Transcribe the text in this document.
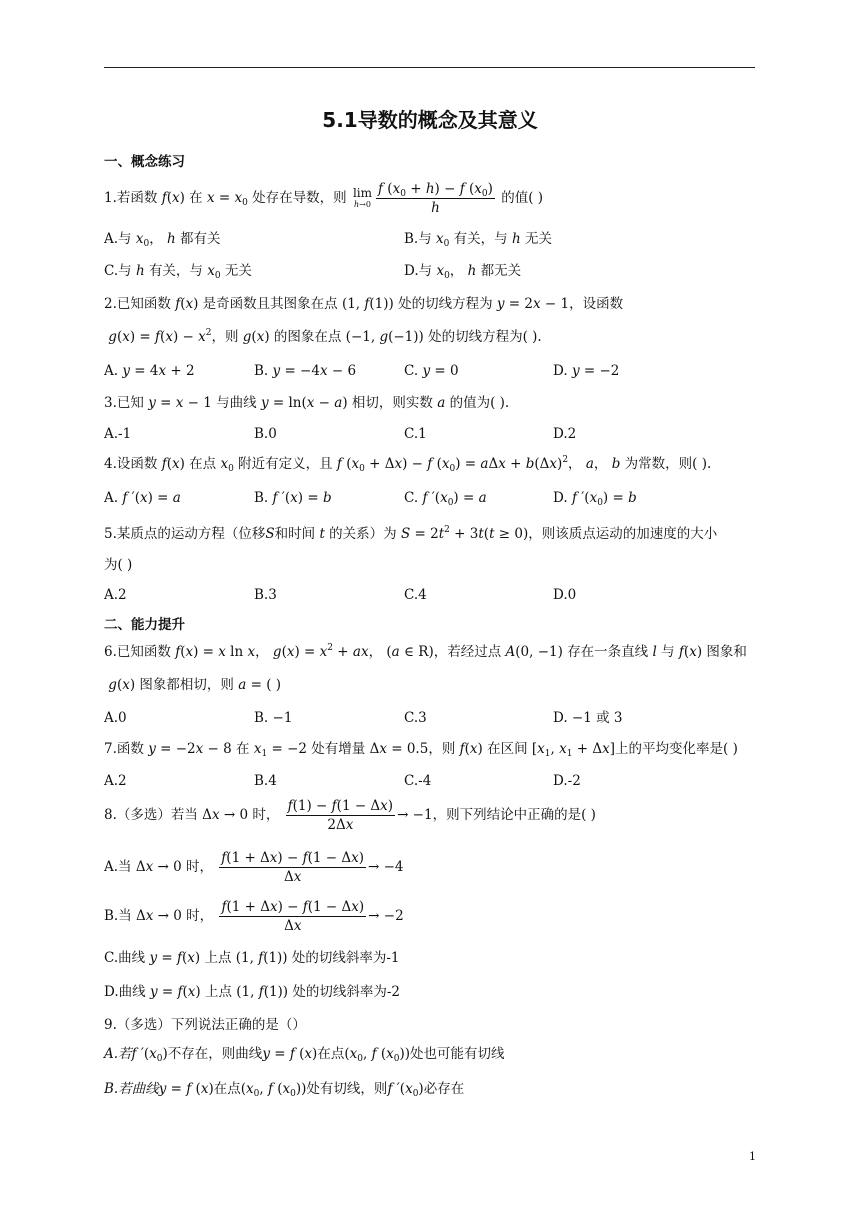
5.1导数的概念及其意义
一、概念练习
1.若函数 f(x) 在 $x = x_0$ 处存在导数，则 lim
$h\to 0 \frac{f (x_0 + h) - f (x_0)}{h}$ 的值( )
A.与 $x_0$， h 都有关	B.与 $x_0$ 有关，与 h 无关
C.与 h 有关，与 $x_0$ 无关	D.与 $x_0$， h 都无关
2.已知函数 f(x) 是奇函数且其图象在点 (1, f(1)) 处的切线方程为 y = 2x − 1，设函数
$g(x) = f(x) - x^2$，则 g(x) 的图象在点 (−1, g(−1)) 处的切线方程为( ).
A. y = 4x + 2	B. y = −4x − 6	C. y = 0	D. y = −2
3.已知 y = x − 1 与曲线 y = ln(x − a) 相切，则实数 a 的值为( ).
A.-1	B.0	C.1	D.2
4.设函数 f(x) 在点 $x_0$ 附近有定义，且 f $(x_0 + \Delta x) - f$ $(x_0) = a\Delta x + b(\Delta x)^2$， a， b 为常数，则( ).
A. f ′(x) = a	B. f ′(x) = b	C. f $'(x_0) = a$	D. f $'(x_0) = b$
5.某质点的运动方程（位移S和时间 t 的关系）为 $S = 2t^2 + 3t(t \ge 0)$，则该质点运动的加速度的大小
为( )
A.2	B.3	C.4	D.0
二、能力提升
6.已知函数 f(x) = x ln x， $g(x) = x^2$ + ax， (a ∈ R)，若经过点 A(0, −1) 存在一条直线 l 与 f(x) 图象和
g(x) 图象都相切，则 a = ( )
A.0	B. −1	C.3	D. −1 或 3
7.函数 y = −2x − 8 在 $x_1 = -2$ 处有增量 Δx = 0.5，则 f(x) 在区间 [$x_1$, $x_1 + \Delta x$]上的平均变化率是( )
A.2	B.4	C.-4	D.-2
8.（多选）若当 Δx → 0 时， $\frac{f(1) - f(1 - \Delta x)}{2\Delta x} \to -1$，则下列结论中正确的是( )
A.当 Δx → 0 时， $\frac{f(1 + \Delta x) - f(1 - \Delta x)}{\Delta x} \to -4$
B.当 Δx → 0 时， $\frac{f(1 + \Delta x) - f(1 - \Delta x)}{\Delta x} \to -2$
C.曲线 y = f(x) 上点 (1, f(1)) 处的切线斜率为-1
D.曲线 y = f(x) 上点 (1, f(1)) 处的切线斜率为-2
9.（多选）下列说法正确的是（）
A.若f $'(x_0)$不存在，则曲线y = f (x)在点($x_0$, f $(x_0)$)处也可能有切线
B.若曲线y = f (x)在点($x_0$, f $(x_0)$)处有切线，则f $'(x_0)$必存在
1
